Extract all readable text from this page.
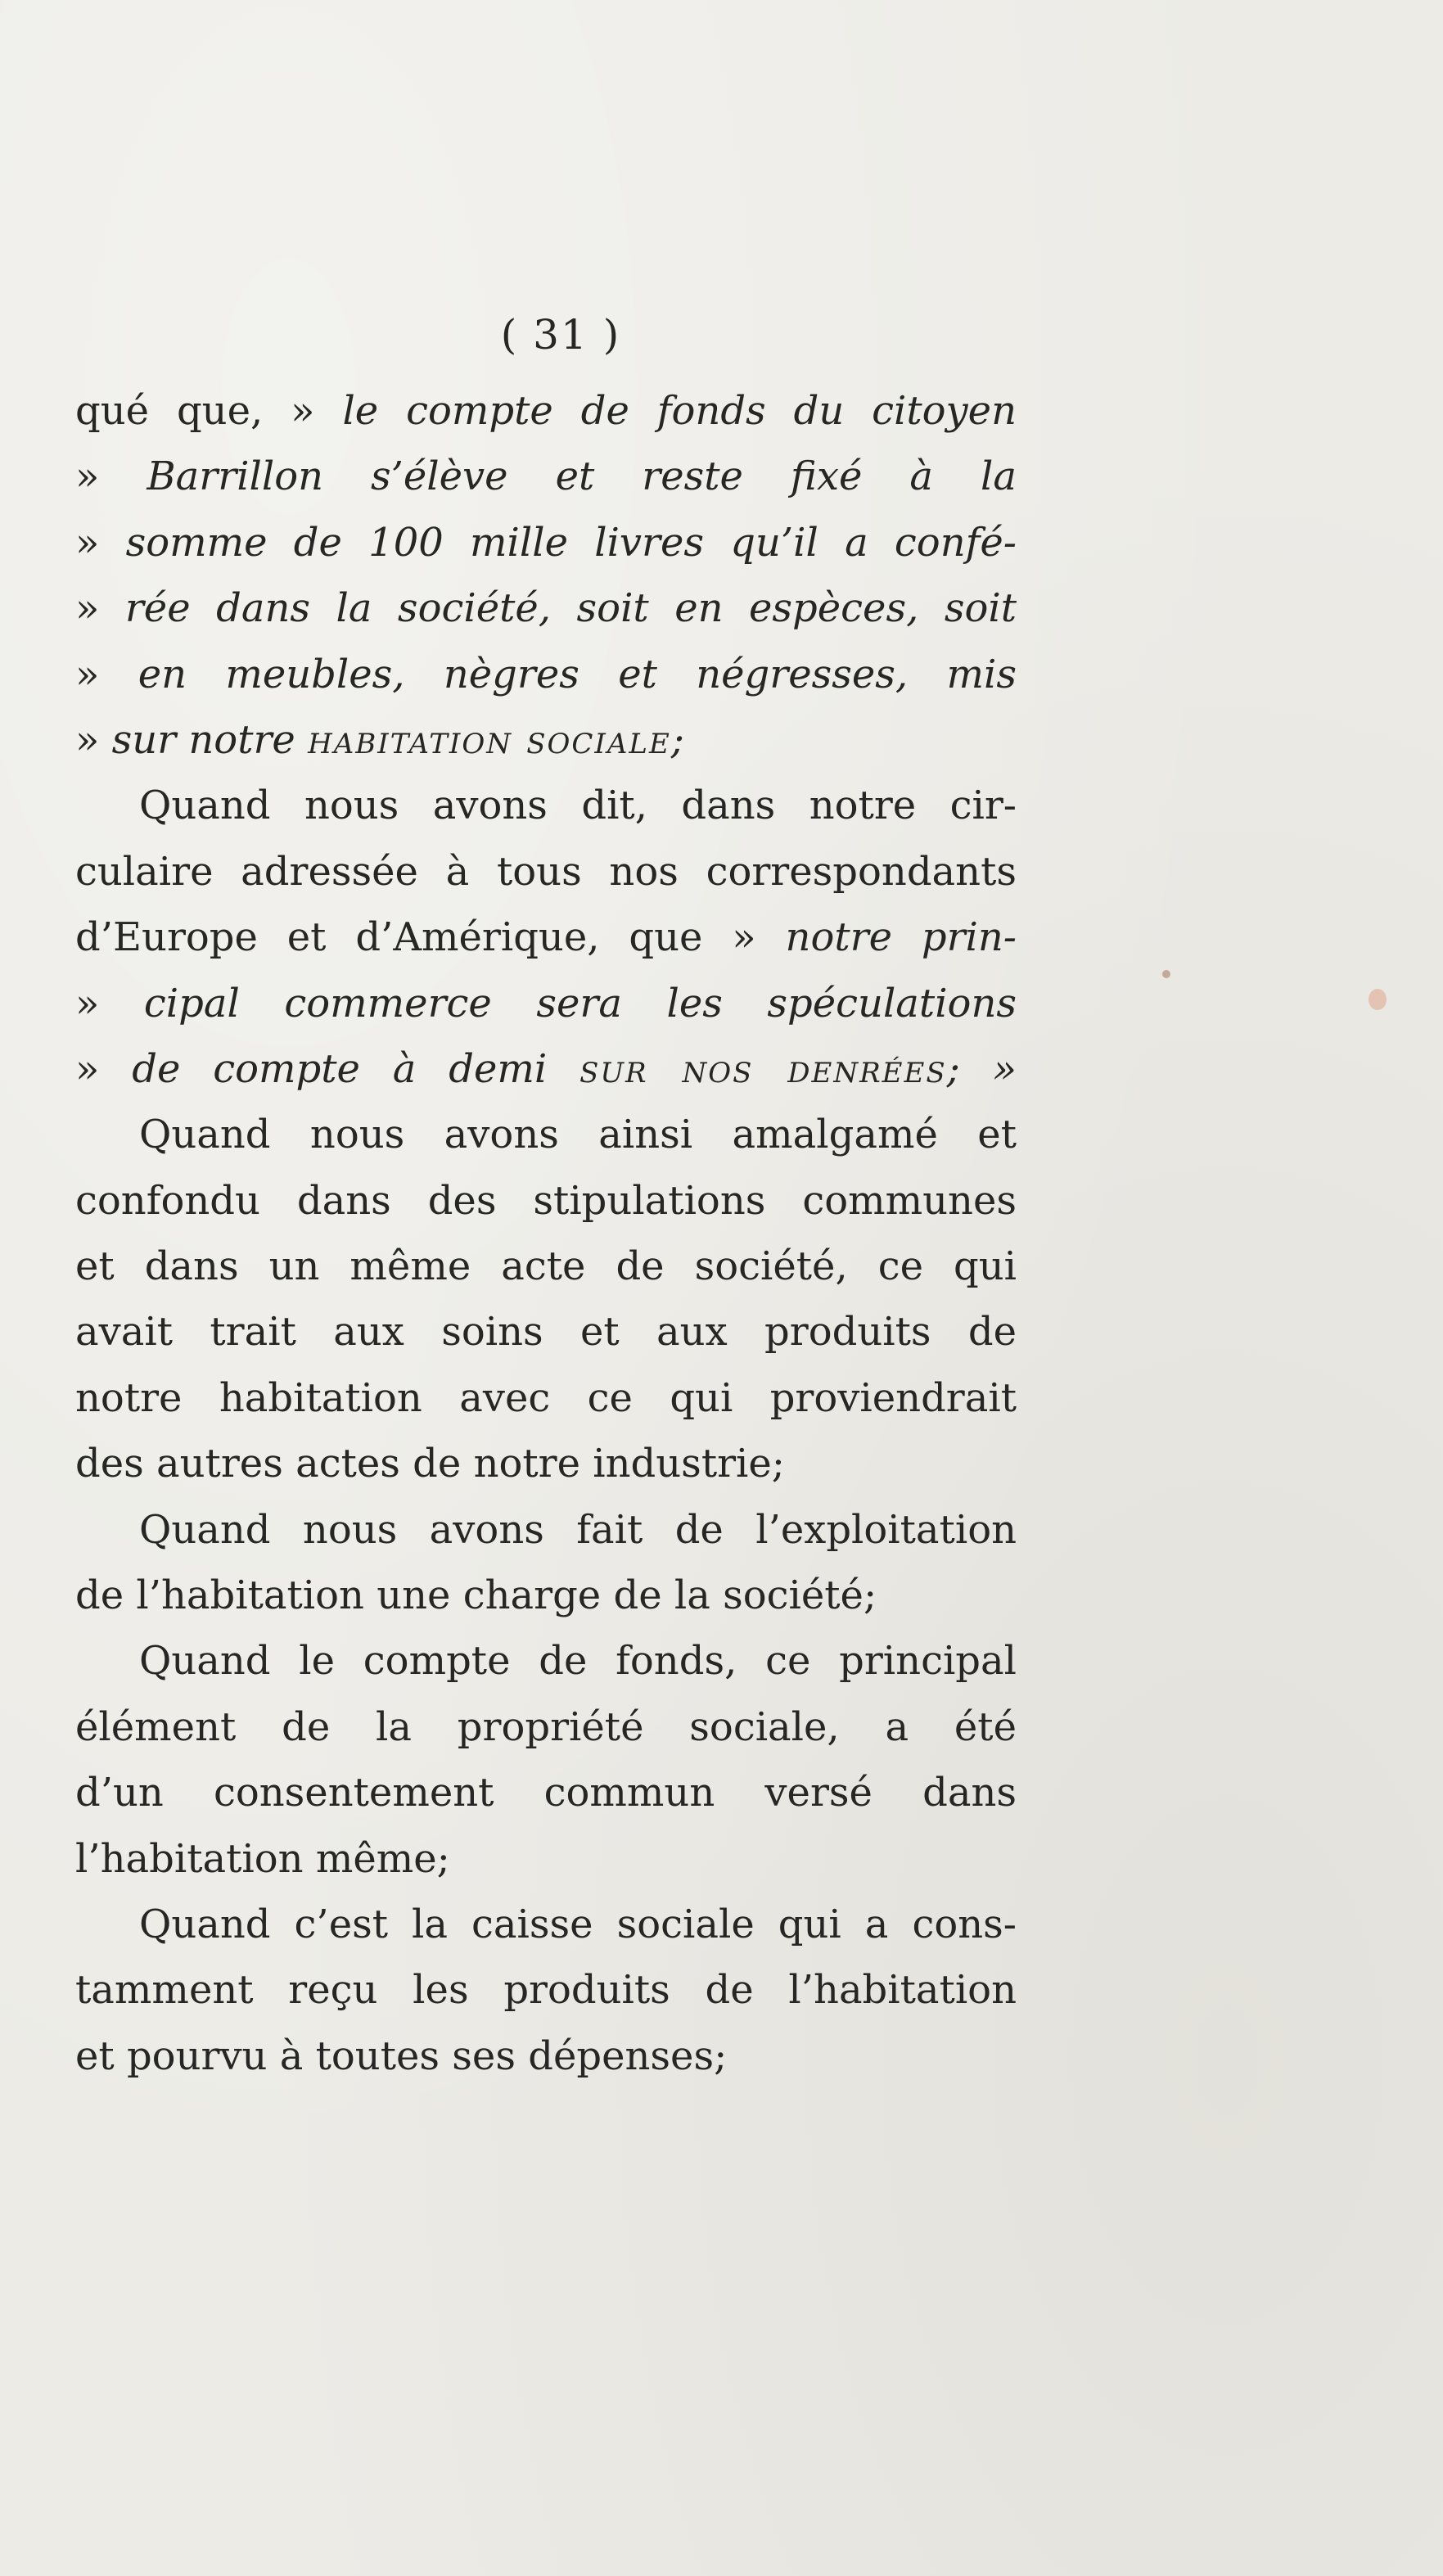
( 31 )
qué que, » le compte de fonds du citoyen
» Barrillon s’élève et reste fixé à la
» somme de 100 mille livres qu’il a confé-
» rée dans la société, soit en espèces, soit
» en meubles, nègres et négresses, mis
» sur notre habitation sociale;
Quand nous avons dit, dans notre cir-
culaire adressée à tous nos correspondants
d’Europe et d’Amérique, que » notre prin-
» cipal commerce sera les spéculations
» de compte à demi sur nos denrées; »
Quand nous avons ainsi amalgamé et
confondu dans des stipulations communes
et dans un même acte de société, ce qui
avait trait aux soins et aux produits de
notre habitation avec ce qui proviendrait
des autres actes de notre industrie;
Quand nous avons fait de l’exploitation
de l’habitation une charge de la société;
Quand le compte de fonds, ce principal
élément de la propriété sociale, a été
d’un consentement commun versé dans
l’habitation même;
Quand c’est la caisse sociale qui a cons-
tamment reçu les produits de l’habitation
et pourvu à toutes ses dépenses;
